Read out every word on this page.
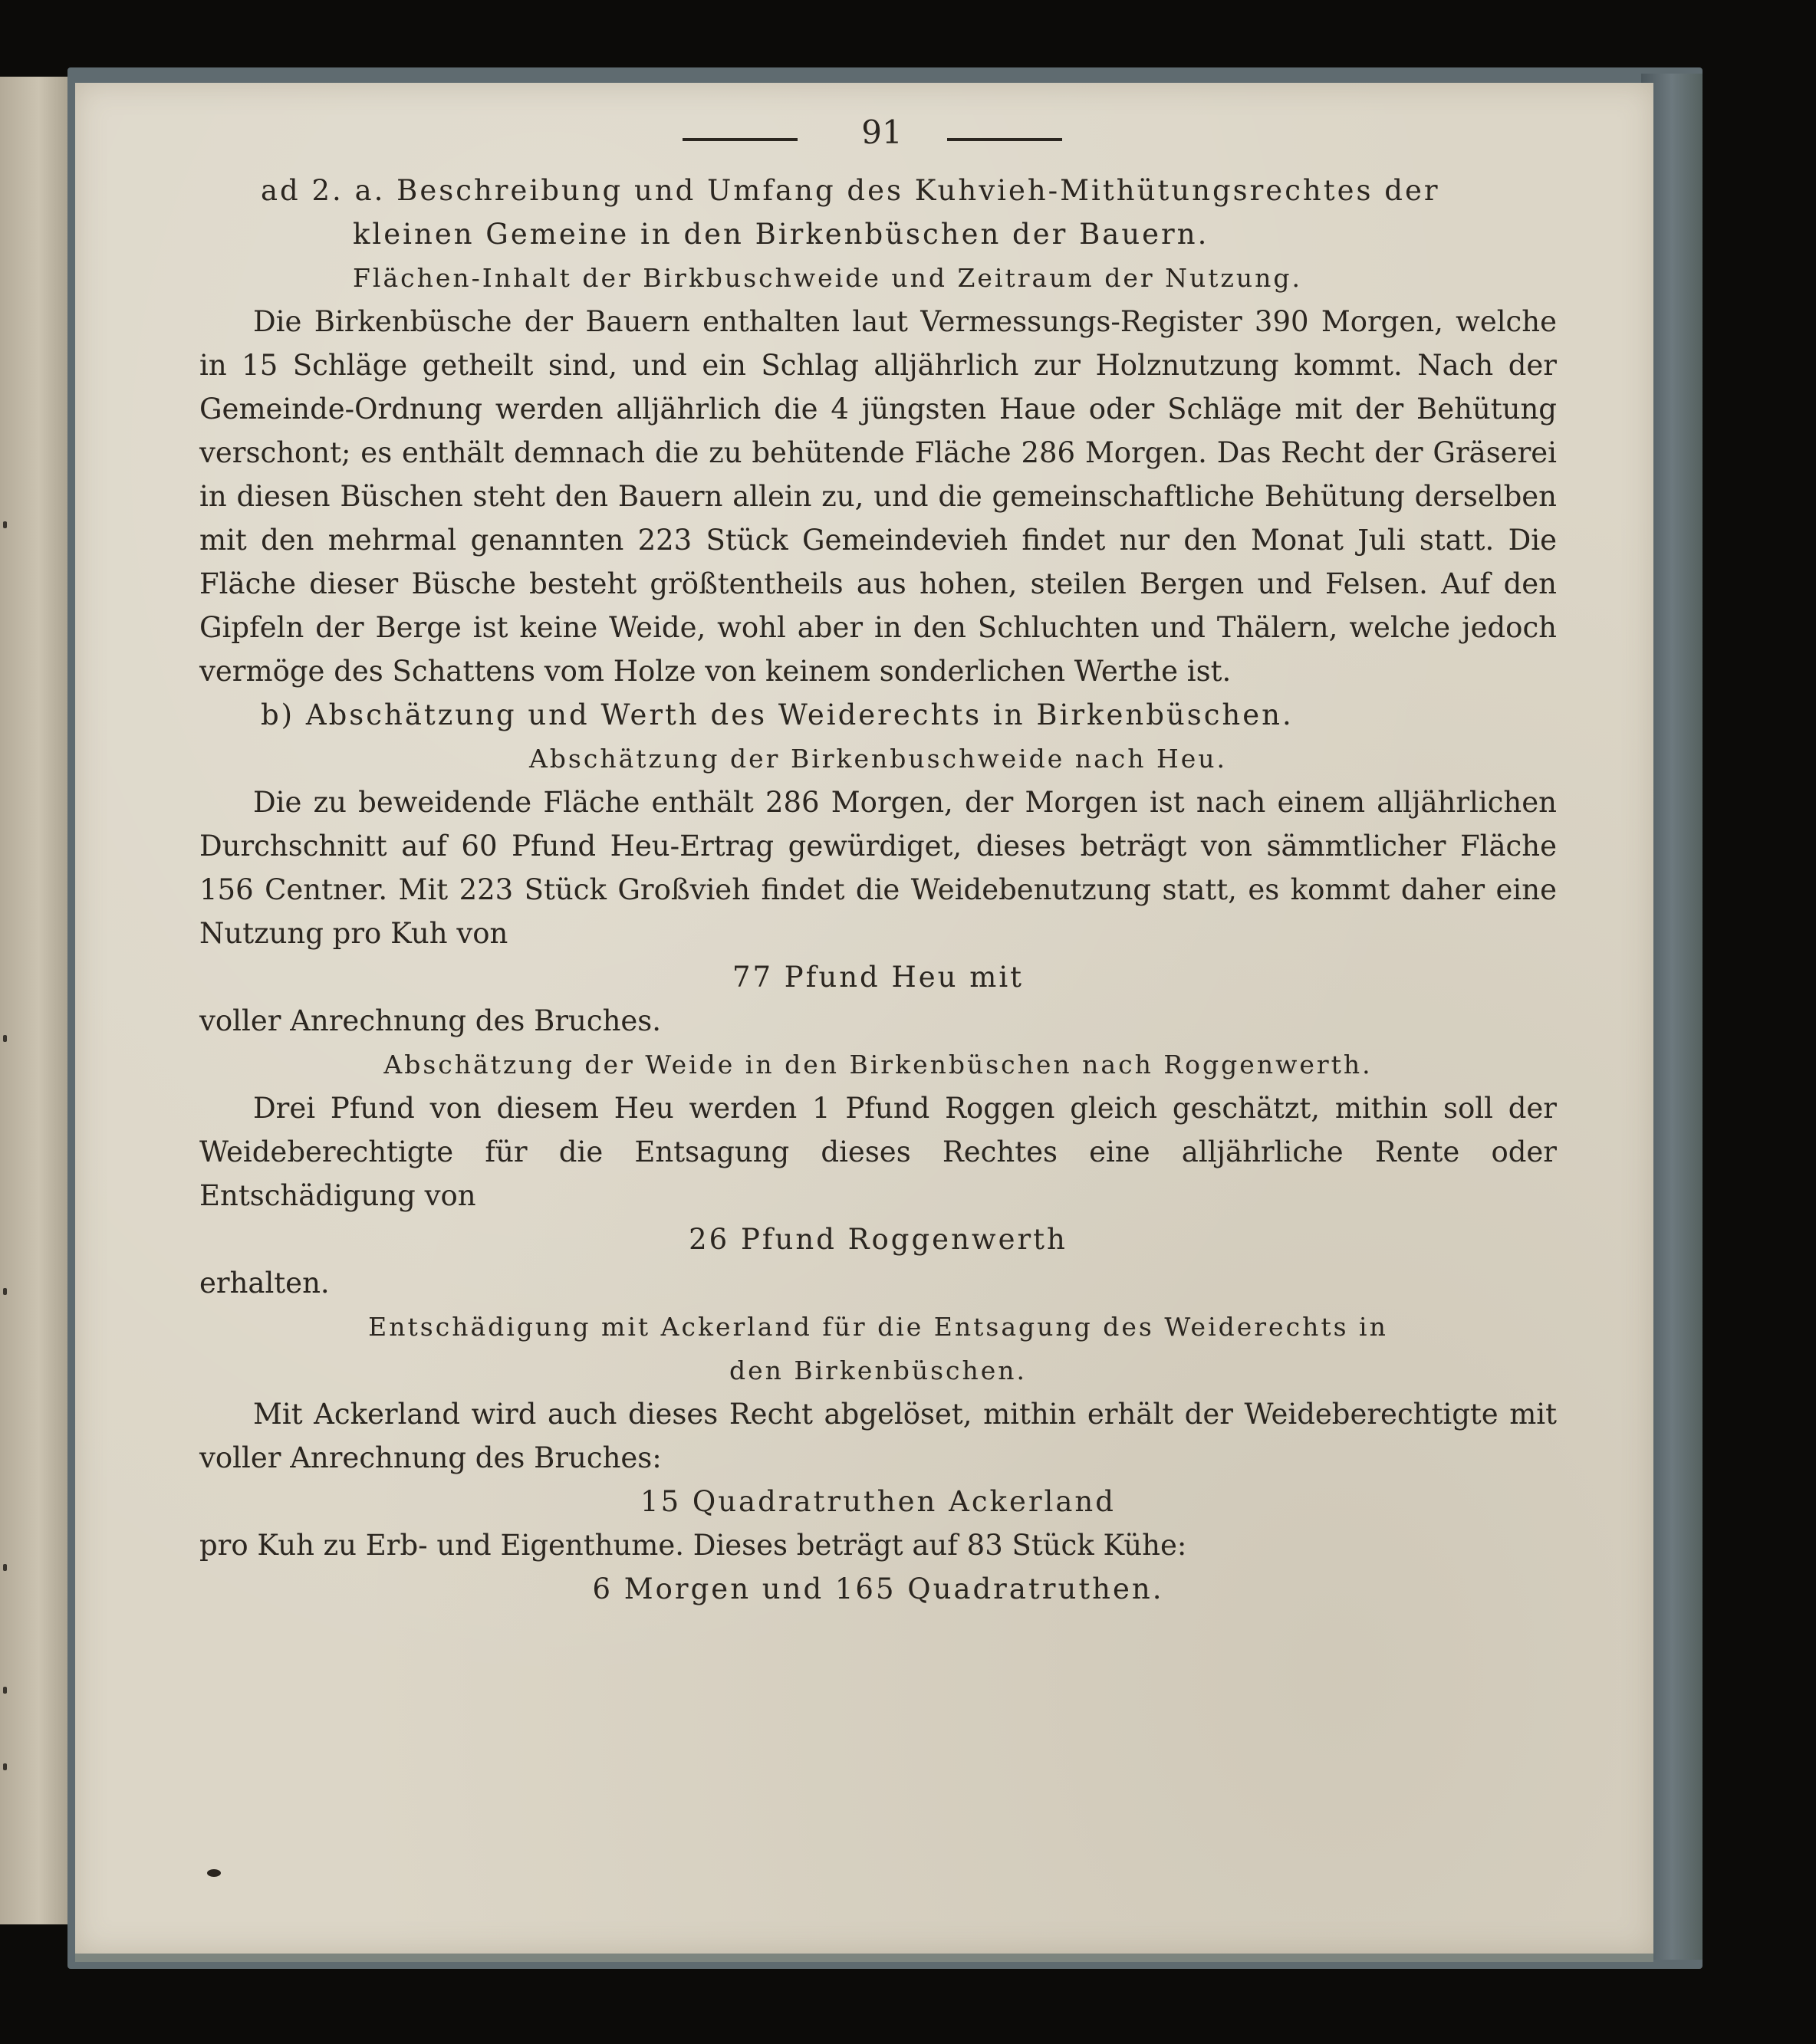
91
ad 2. a. Beschreibung und Umfang des Kuhvieh-Mithütungsrechtes der
kleinen Gemeine in den Birkenbüschen der Bauern.
Flächen-Inhalt der Birkbuschweide und Zeitraum der Nutzung.

Die Birkenbüsche der Bauern enthalten laut Vermessungs-Register 390 Morgen, welche in 15 Schläge getheilt sind, und ein Schlag alljährlich zur Holznutzung kommt. Nach der Gemeinde-Ordnung werden alljährlich die 4 jüngsten Haue oder Schläge mit der Behütung verschont; es enthält demnach die zu behütende Fläche 286 Morgen. Das Recht der Gräserei in diesen Büschen steht den Bauern allein zu, und die gemeinschaftliche Behütung derselben mit den mehrmal genannten 223 Stück Gemeindevieh findet nur den Monat Juli statt. Die Fläche dieser Büsche besteht größtentheils aus hohen, steilen Bergen und Felsen. Auf den Gipfeln der Berge ist keine Weide, wohl aber in den Schluchten und Thälern, welche jedoch vermöge des Schattens vom Holze von keinem sonderlichen Werthe ist.

b) Abschätzung und Werth des Weiderechts in Birkenbüschen.
Abschätzung der Birkenbuschweide nach Heu.

Die zu beweidende Fläche enthält 286 Morgen, der Morgen ist nach einem alljährlichen Durchschnitt auf 60 Pfund Heu-Ertrag gewürdiget, dieses beträgt von sämmtlicher Fläche 156 Centner. Mit 223 Stück Großvieh findet die Weidebenutzung statt, es kommt daher eine Nutzung pro Kuh von

77 Pfund Heu mit
voller Anrechnung des Bruches.
Abschätzung der Weide in den Birkenbüschen nach Roggenwerth.

Drei Pfund von diesem Heu werden 1 Pfund Roggen gleich geschätzt, mithin soll der Weideberechtigte für die Entsagung dieses Rechtes eine alljährliche Rente oder Entschädigung von

26 Pfund Roggenwerth
erhalten.
Entschädigung mit Ackerland für die Entsagung des Weiderechts in
den Birkenbüschen.

Mit Ackerland wird auch dieses Recht abgelöset, mithin erhält der Weideberechtigte mit voller Anrechnung des Bruches:

15 Quadratruthen Ackerland
pro Kuh zu Erb- und Eigenthume. Dieses beträgt auf 83 Stück Kühe:
6 Morgen und 165 Quadratruthen.
